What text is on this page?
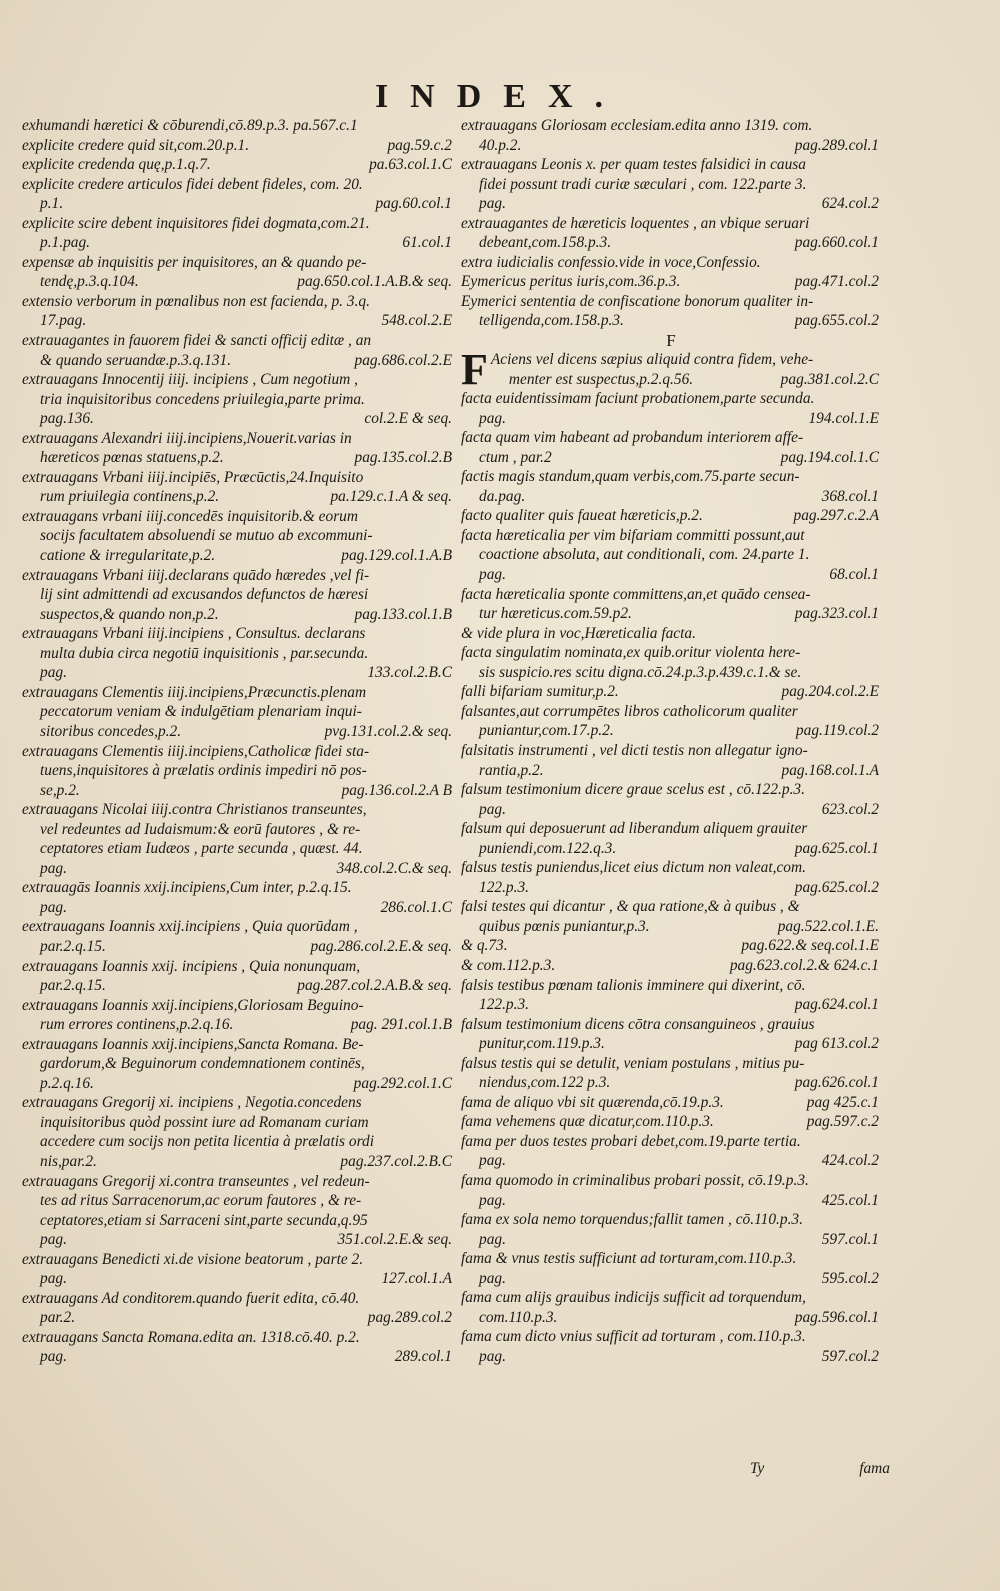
INDEX.
exhumandi hæretici & cōburendi,cō.89.p.3. pa.567.c.1
explicite credere quid sit,com.20.p.1.	pag.59.c.2
explicite credenda quę,p.1.q.7.	pa.63.col.1.C
explicite credere articulos fidei debent fideles, com. 20.
p.1.	pag.60.col.1
explicite scire debent inquisitores fidei dogmata,com.21.
p.1.pag.	61.col.1
expensæ ab inquisitis per inquisitores, an & quando pe-
tendę,p.3.q.104.	pag.650.col.1.A.B.& seq.
extensio verborum in pœnalibus non est facienda, p. 3.q.
17.pag.	548.col.2.E
extrauagantes in fauorem fidei & sancti officij editæ , an
& quando seruandæ.p.3.q.131.	pag.686.col.2.E
extrauagans Innocentij iiij. incipiens , Cum negotium ,
tria inquisitoribus concedens priuilegia,parte prima.
pag.136.	col.2.E & seq.
extrauagans Alexandri iiij.incipiens,Nouerit.varias in
hæreticos pœnas statuens,p.2.	pag.135.col.2.B
extrauagans Vrbani iiij.incipiēs, Præcūctis,24.Inquisito
rum priuilegia continens,p.2.	pa.129.c.1.A & seq.
extrauagans vrbani iiij.concedēs inquisitorib.& eorum
socijs facultatem absoluendi se mutuo ab excommuni-
catione & irregularitate,p.2.	pag.129.col.1.A.B
extrauagans Vrbani iiij.declarans quādo hæredes ,vel fi-
lij sint admittendi ad excusandos defunctos de hæresi
suspectos,& quando non,p.2.	pag.133.col.1.B
extrauagans Vrbani iiij.incipiens , Consultus. declarans
multa dubia circa negotiū inquisitionis , par.secunda.
pag.	133.col.2.B.C
extrauagans Clementis iiij.incipiens,Præcunctis.plenam
peccatorum veniam & indulgētiam plenariam inqui-
sitoribus concedes,p.2.	pvg.131.col.2.& seq.
extrauagans Clementis iiij.incipiens,Catholicæ fidei sta-
tuens,inquisitores à prælatis ordinis impediri nō pos-
se,p.2.	pag.136.col.2.A B
extrauagans Nicolai iiij.contra Christianos transeuntes,
vel redeuntes ad Iudaismum:& eorū fautores , & re-
ceptatores etiam Iudæos , parte secunda , quæst. 44.
pag.	348.col.2.C.& seq.
extrauagās Ioannis xxij.incipiens,Cum inter, p.2.q.15.
pag.	286.col.1.C
eextrauagans Ioannis xxij.incipiens , Quia quorūdam ,
par.2.q.15.	pag.286.col.2.E.& seq.
extrauagans Ioannis xxij. incipiens , Quia nonunquam,
par.2.q.15.	pag.287.col.2.A.B.& seq.
extrauagans Ioannis xxij.incipiens,Gloriosam Beguino-
rum errores continens,p.2.q.16.	pag. 291.col.1.B
extrauagans Ioannis xxij.incipiens,Sancta Romana. Be-
gardorum,& Beguinorum condemnationem continēs,
p.2.q.16.	pag.292.col.1.C
extrauagans Gregorij xi. incipiens , Negotia.concedens
inquisitoribus quòd possint iure ad Romanam curiam
accedere cum socijs non petita licentia à prælatis ordi
nis,par.2.	pag.237.col.2.B.C
extrauagans Gregorij xi.contra transeuntes , vel redeun-
tes ad ritus Sarracenorum,ac eorum fautores , & re-
ceptatores,etiam si Sarraceni sint,parte secunda,q.95
pag.	351.col.2.E.& seq.
extrauagans Benedicti xi.de visione beatorum , parte 2.
pag.	127.col.1.A
extrauagans Ad conditorem.quando fuerit edita, cō.40.
par.2.	pag.289.col.2
extrauagans Sancta Romana.edita an. 1318.cō.40. p.2.
pag.	289.col.1
extrauagans Gloriosam ecclesiam.edita anno 1319. com.
40.p.2.	pag.289.col.1
extrauagans Leonis x. per quam testes falsidici in causa
fidei possunt tradi curiæ sæculari , com. 122.parte 3.
pag.	624.col.2
extrauagantes de hæreticis loquentes , an vbique seruari
debeant,com.158.p.3.	pag.660.col.1
extra iudicialis confessio.vide in voce,Confessio.
Eymericus peritus iuris,com.36.p.3.	pag.471.col.2
Eymerici sententia de confiscatione bonorum qualiter in-
telligenda,com.158.p.3.	pag.655.col.2
F
F Aciens vel dicens sæpius aliquid contra fidem, vehe-
menter est suspectus,p.2.q.56.	pag.381.col.2.C
facta euidentissimam faciunt probationem,parte secunda.
pag.	194.col.1.E
facta quam vim habeant ad probandum interiorem affe-
ctum , par.2	pag.194.col.1.C
factis magis standum,quam verbis,com.75.parte secun-
da.pag.	368.col.1
facto qualiter quis faueat hæreticis,p.2.	pag.297.c.2.A
facta hæreticalia per vim bifariam committi possunt,aut
coactione absoluta, aut conditionali, com. 24.parte 1.
pag.	68.col.1
facta hæreticalia sponte committens,an,et quādo censea-
tur hæreticus.com.59.p2.	pag.323.col.1
& vide plura in voc,Hæreticalia facta.
facta singulatim nominata,ex quib.oritur violenta here-
sis suspicio.res scitu digna.cō.24.p.3.p.439.c.1.& se.
falli bifariam sumitur,p.2.	pag.204.col.2.E
falsantes,aut corrumpētes libros catholicorum qualiter
puniantur,com.17.p.2.	pag.119.col.2
falsitatis instrumenti , vel dicti testis non allegatur igno-
rantia,p.2.	pag.168.col.1.A
falsum testimonium dicere graue scelus est , cō.122.p.3.
pag.	623.col.2
falsum qui deposuerunt ad liberandum aliquem grauiter
puniendi,com.122.q.3.	pag.625.col.1
falsus testis puniendus,licet eius dictum non valeat,com.
122.p.3.	pag.625.col.2
falsi testes qui dicantur , & qua ratione,& à quibus , &
quibus pœnis puniantur,p.3.	pag.522.col.1.E.
& q.73.	pag.622.& seq.col.1.E
& com.112.p.3.	pag.623.col.2.& 624.c.1
falsis testibus pœnam talionis imminere qui dixerint, cō.
122.p.3.	pag.624.col.1
falsum testimonium dicens cōtra consanguineos , grauius
punitur,com.119.p.3.	pag 613.col.2
falsus testis qui se detulit, veniam postulans , mitius pu-
niendus,com.122 p.3.	pag.626.col.1
fama de aliquo vbi sit quærenda,cō.19.p.3.	pag 425.c.1
fama vehemens quæ dicatur,com.110.p.3.	pag.597.c.2
fama per duos testes probari debet,com.19.parte tertia.
pag.	424.col.2
fama quomodo in criminalibus probari possit, cō.19.p.3.
pag.	425.col.1
fama ex sola nemo torquendus;fallit tamen , cō.110.p.3.
pag.	597.col.1
fama & vnus testis sufficiunt ad torturam,com.110.p.3.
pag.	595.col.2
fama cum alijs grauibus indicijs sufficit ad torquendum,
com.110.p.3.	pag.596.col.1
fama cum dicto vnius sufficit ad torturam , com.110.p.3.
pag.	597.col.2
Ty	fama
